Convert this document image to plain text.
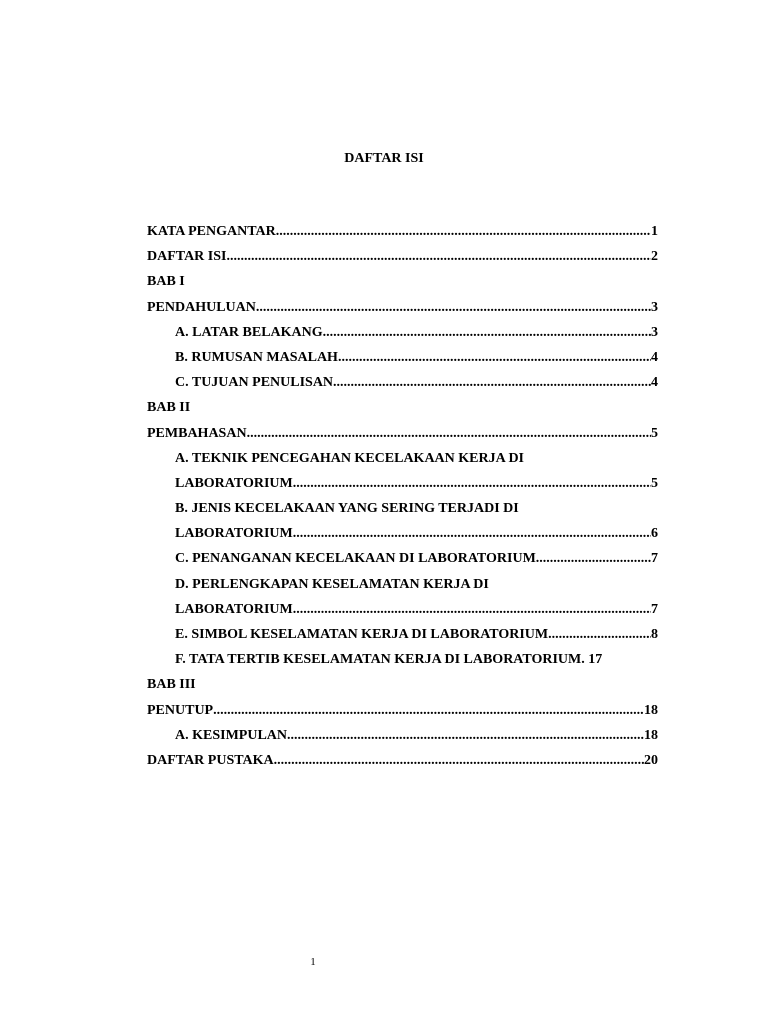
DAFTAR ISI
KATA PENGANTAR .....	1
DAFTAR ISI .....	2
BAB I
PENDAHULUAN .....	3
A. LATAR BELAKANG .....	3
B. RUMUSAN MASALAH .....	4
C. TUJUAN PENULISAN .....	4
BAB II
PEMBAHASAN .....	5
A. TEKNIK PENCEGAHAN KECELAKAAN KERJA DI
LABORATORIUM .....	5
B. JENIS KECELAKAAN YANG SERING TERJADI DI
LABORATORIUM .....	6
C. PENANGANAN KECELAKAAN DI LABORATORIUM .....	7
D. PERLENGKAPAN KESELAMATAN KERJA DI
LABORATORIUM .....	7
E. SIMBOL KESELAMATAN KERJA DI LABORATORIUM .....	8
F. TATA TERTIB KESELAMATAN KERJA DI LABORATORIUM. 17
BAB III
PENUTUP .....	18
A. KESIMPULAN .....	18
DAFTAR PUSTAKA .....	20
1
